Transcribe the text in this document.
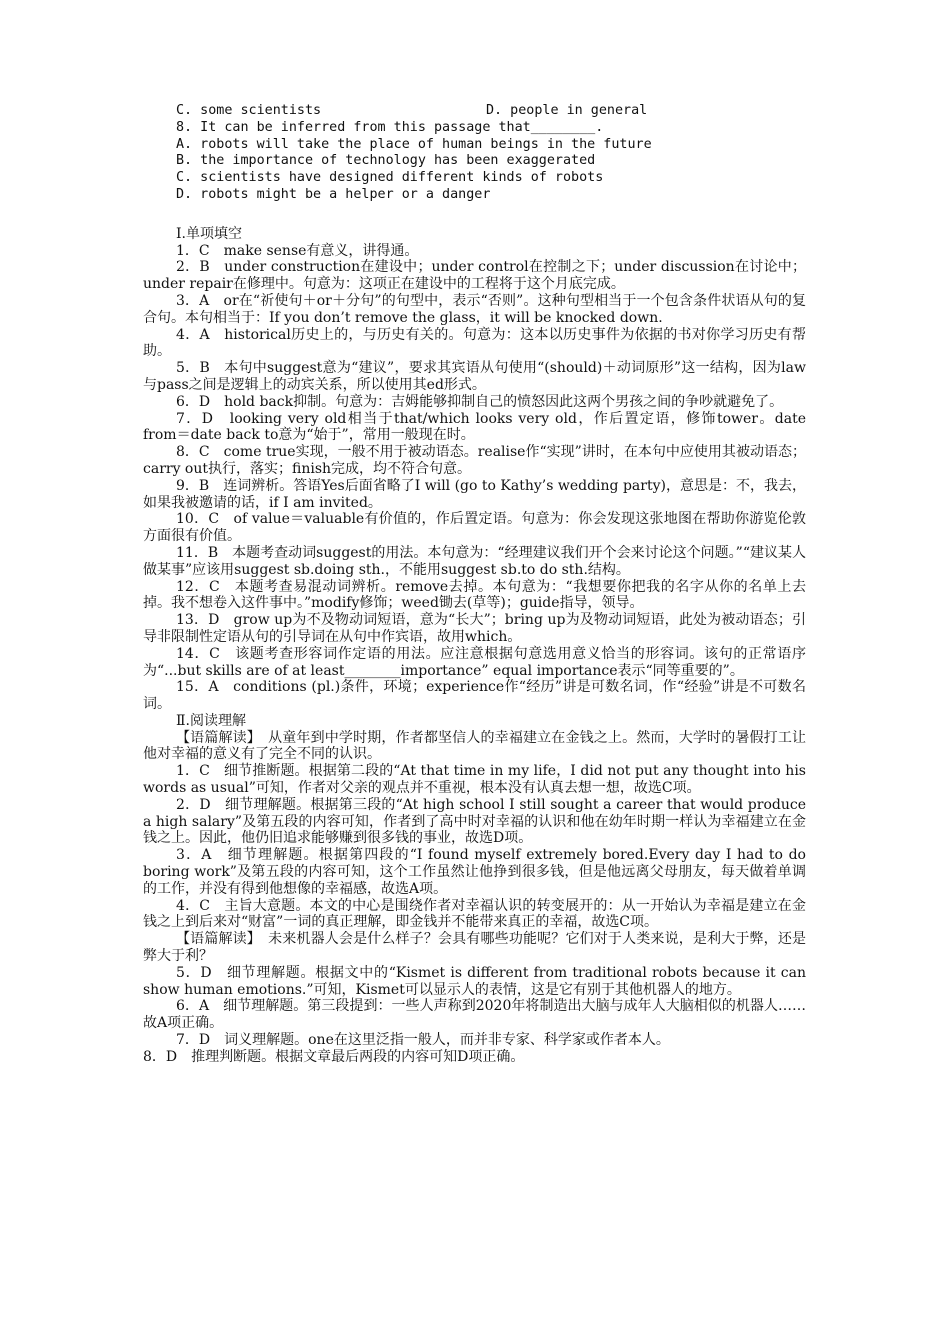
C. some scientists	D. people in general
8. It can be inferred from this passage that________.
A. robots will take the place of human beings in the future
B. the importance of technology has been exaggerated
C. scientists have designed different kinds of robots
D. robots might be a helper or a danger

Ⅰ.单项填空

1．C　make sense有意义，讲得通。

2．B　under construction在建设中；under control在控制之下；under discussion在讨论中；under repair在修理中。句意为：这项正在建设中的工程将于这个月底完成。

3．A　or在“祈使句＋or＋分句”的句型中，表示“否则”。这种句型相当于一个包含条件状语从句的复合句。本句相当于：If you don’t remove the glass，it will be knocked down.

4．A　historical历史上的，与历史有关的。句意为：这本以历史事件为依据的书对你学习历史有帮助。

5．B　本句中suggest意为“建议”，要求其宾语从句使用“(should)＋动词原形”这一结构，因为law与pass之间是逻辑上的动宾关系，所以使用其ed形式。

6．D　hold back抑制。句意为：吉姆能够抑制自己的愤怒因此这两个男孩之间的争吵就避免了。

7．D　looking very old相当于that/which looks very old，作后置定语，修饰tower。date from＝date back to意为“始于”，常用一般现在时。

8．C　come true实现，一般不用于被动语态。realise作“实现”讲时，在本句中应使用其被动语态；carry out执行，落实；finish完成，均不符合句意。

9．B　连词辨析。答语Yes后面省略了I will (go to Kathy’s wedding party)，意思是：不，我去，如果我被邀请的话，if I am invited。

10．C　of value＝valuable有价值的，作后置定语。句意为：你会发现这张地图在帮助你游览伦敦方面很有价值。

11．B　本题考查动词suggest的用法。本句意为：“经理建议我们开个会来讨论这个问题。”“建议某人做某事”应该用suggest sb.doing sth.，不能用suggest sb.to do sth.结构。

12．C　本题考查易混动词辨析。remove去掉。本句意为：“我想要你把我的名字从你的名单上去掉。我不想卷入这件事中。”modify修饰；weed锄去(草等)；guide指导，领导。

13．D　grow up为不及物动词短语，意为“长大”；bring up为及物动词短语，此处为被动语态；引导非限制性定语从句的引导词在从句中作宾语，故用which。

14．C　该题考查形容词作定语的用法。应注意根据句意选用意义恰当的形容词。该句的正常语序为“...but skills are of at least________importance” equal importance表示“同等重要的”。

15．A　conditions (pl.)条件，环境；experience作“经历”讲是可数名词，作“经验”讲是不可数名词。

Ⅱ.阅读理解

【语篇解读】　从童年到中学时期，作者都坚信人的幸福建立在金钱之上。然而，大学时的暑假打工让他对幸福的意义有了完全不同的认识。

1．C　细节推断题。根据第二段的“At that time in my life，I did not put any thought into his words as usual”可知，作者对父亲的观点并不重视，根本没有认真去想一想，故选C项。

2．D　细节理解题。根据第三段的“At high school I still sought a career that would produce a high salary”及第五段的内容可知，作者到了高中时对幸福的认识和他在幼年时期一样认为幸福建立在金钱之上。因此，他仍旧追求能够赚到很多钱的事业，故选D项。

3．A　细节理解题。根据第四段的“I found myself extremely bored.Every day I had to do boring work”及第五段的内容可知，这个工作虽然让他挣到很多钱，但是他远离父母朋友，每天做着单调的工作，并没有得到他想像的幸福感，故选A项。

4．C　主旨大意题。本文的中心是围绕作者对幸福认识的转变展开的：从一开始认为幸福是建立在金钱之上到后来对“财富”一词的真正理解，即金钱并不能带来真正的幸福，故选C项。

【语篇解读】　未来机器人会是什么样子？会具有哪些功能呢？它们对于人类来说，是利大于弊，还是弊大于利？

5．D　细节理解题。根据文中的“Kismet is different from traditional robots because it can show human emotions.”可知，Kismet可以显示人的表情，这是它有别于其他机器人的地方。

6．A　细节理解题。第三段提到：一些人声称到2020年将制造出大脑与成年人大脑相似的机器人……故A项正确。

7．D　词义理解题。one在这里泛指一般人，而并非专家、科学家或作者本人。

8．D　推理判断题。根据文章最后两段的内容可知D项正确。
